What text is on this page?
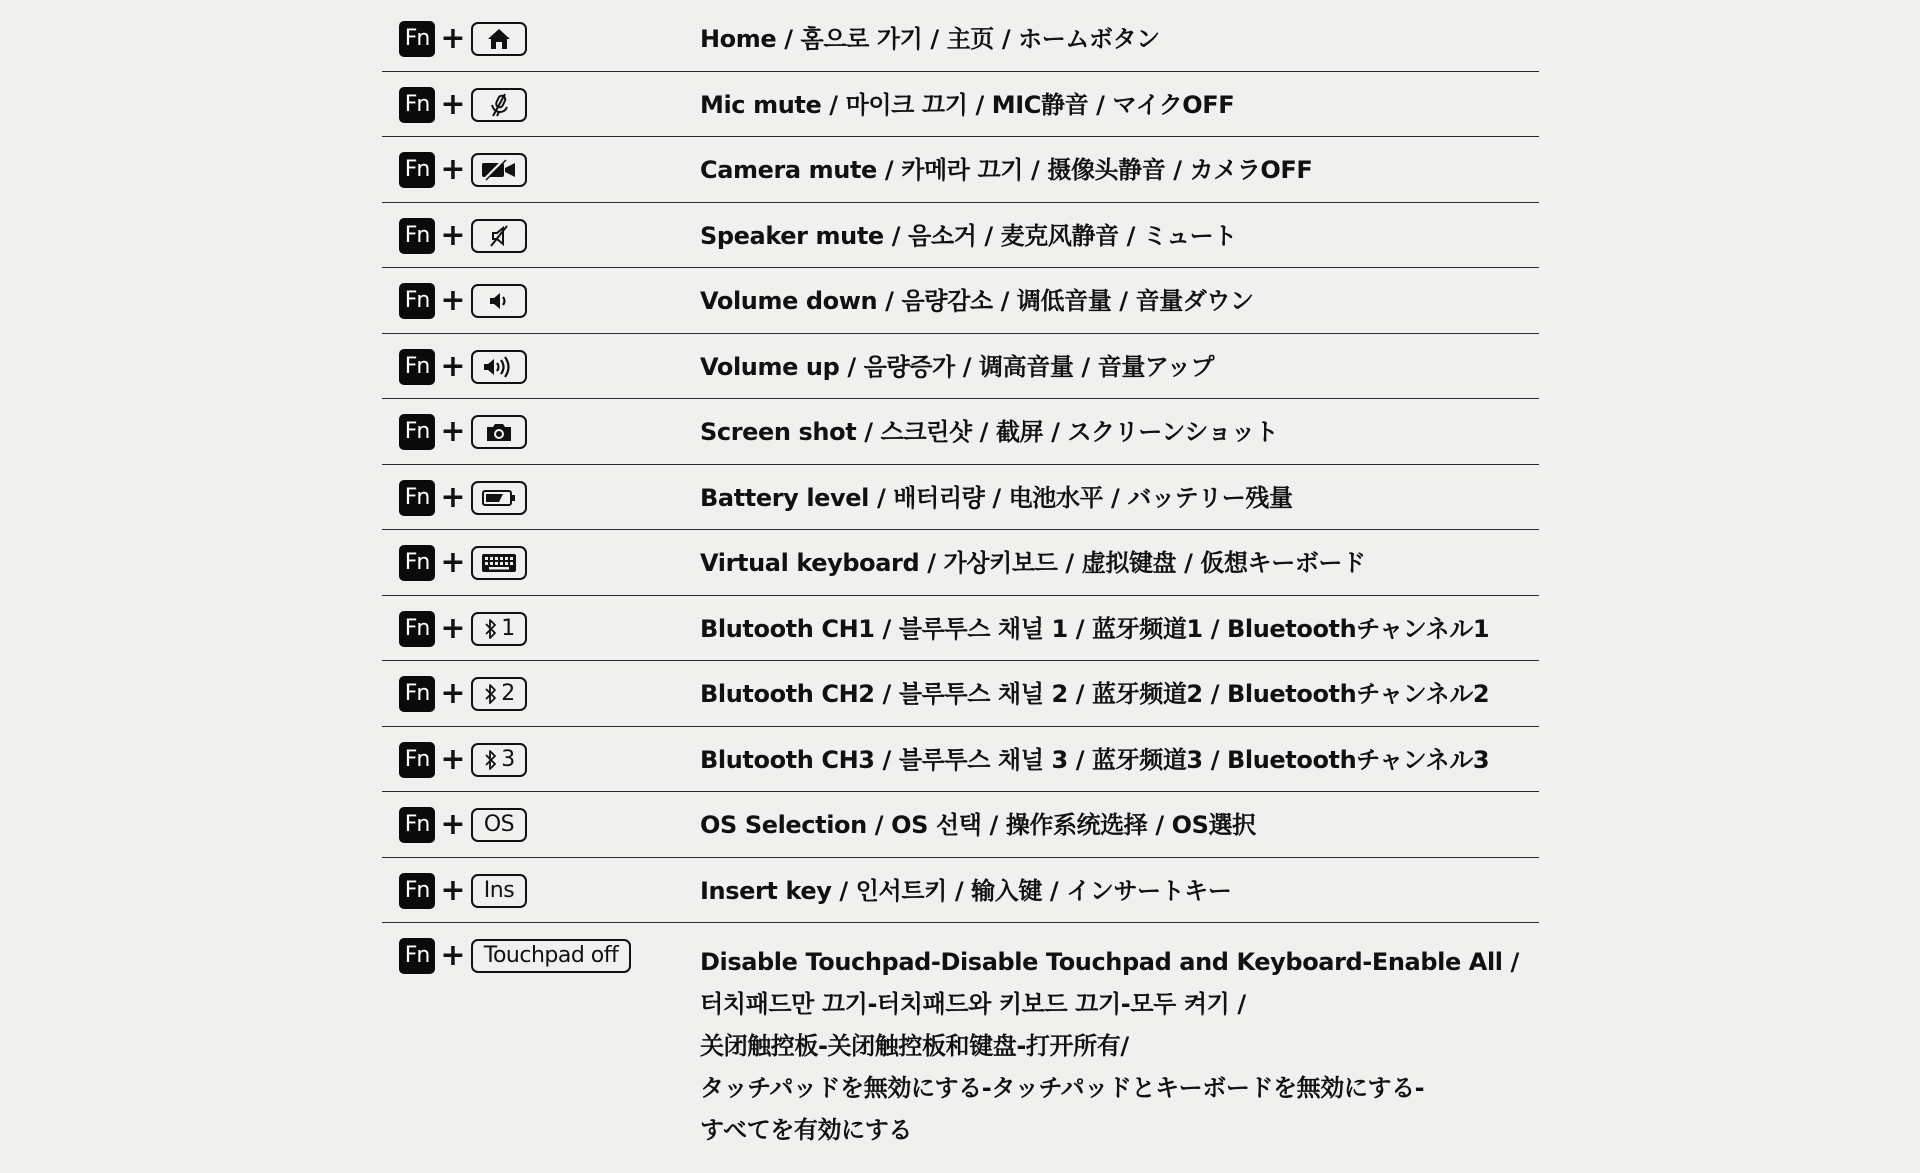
Fn +	Home / 홈으로 가기 / 主页 / ホームボタン
Fn +	Mic mute / 마이크 끄기 / MIC静音 / マイクOFF
Fn +	Camera mute / 카메라 끄기 / 摄像头静音 / カメラOFF
Fn +	Speaker mute / 음소거 / 麦克风静音 / ミュート
Fn +	Volume down / 음량감소 / 调低音量 / 音量ダウン
Fn +	Volume up / 음량증가 / 调高音量 / 音量アップ
Fn +	Screen shot / 스크린샷 / 截屏 / スクリーンショット
Fn +	Battery level / 배터리량 / 电池水平 / バッテリー残量
Fn +	Virtual keyboard / 가상키보드 / 虚拟键盘 / 仮想キーボード
Fn + 1	Blutooth CH1 / 블루투스 채널 1 / 蓝牙频道1 / Bluetoothチャンネル1
Fn + 2	Blutooth CH2 / 블루투스 채널 2 / 蓝牙频道2 / Bluetoothチャンネル2
Fn + 3	Blutooth CH3 / 블루투스 채널 3 / 蓝牙频道3 / Bluetoothチャンネル3
Fn + OS	OS Selection / OS 선택 / 操作系统选择 / OS選択
Fn + Ins	Insert key / 인서트키 / 输入键 / インサートキー
Fn + Touchpad off	Disable Touchpad-Disable Touchpad and Keyboard-Enable All /
터치패드만 끄기-터치패드와 키보드 끄기-모두 켜기 /
关闭触控板-关闭触控板和键盘-打开所有/
タッチパッドを無効にする-タッチパッドとキーボードを無効にする-
すべてを有効にする
